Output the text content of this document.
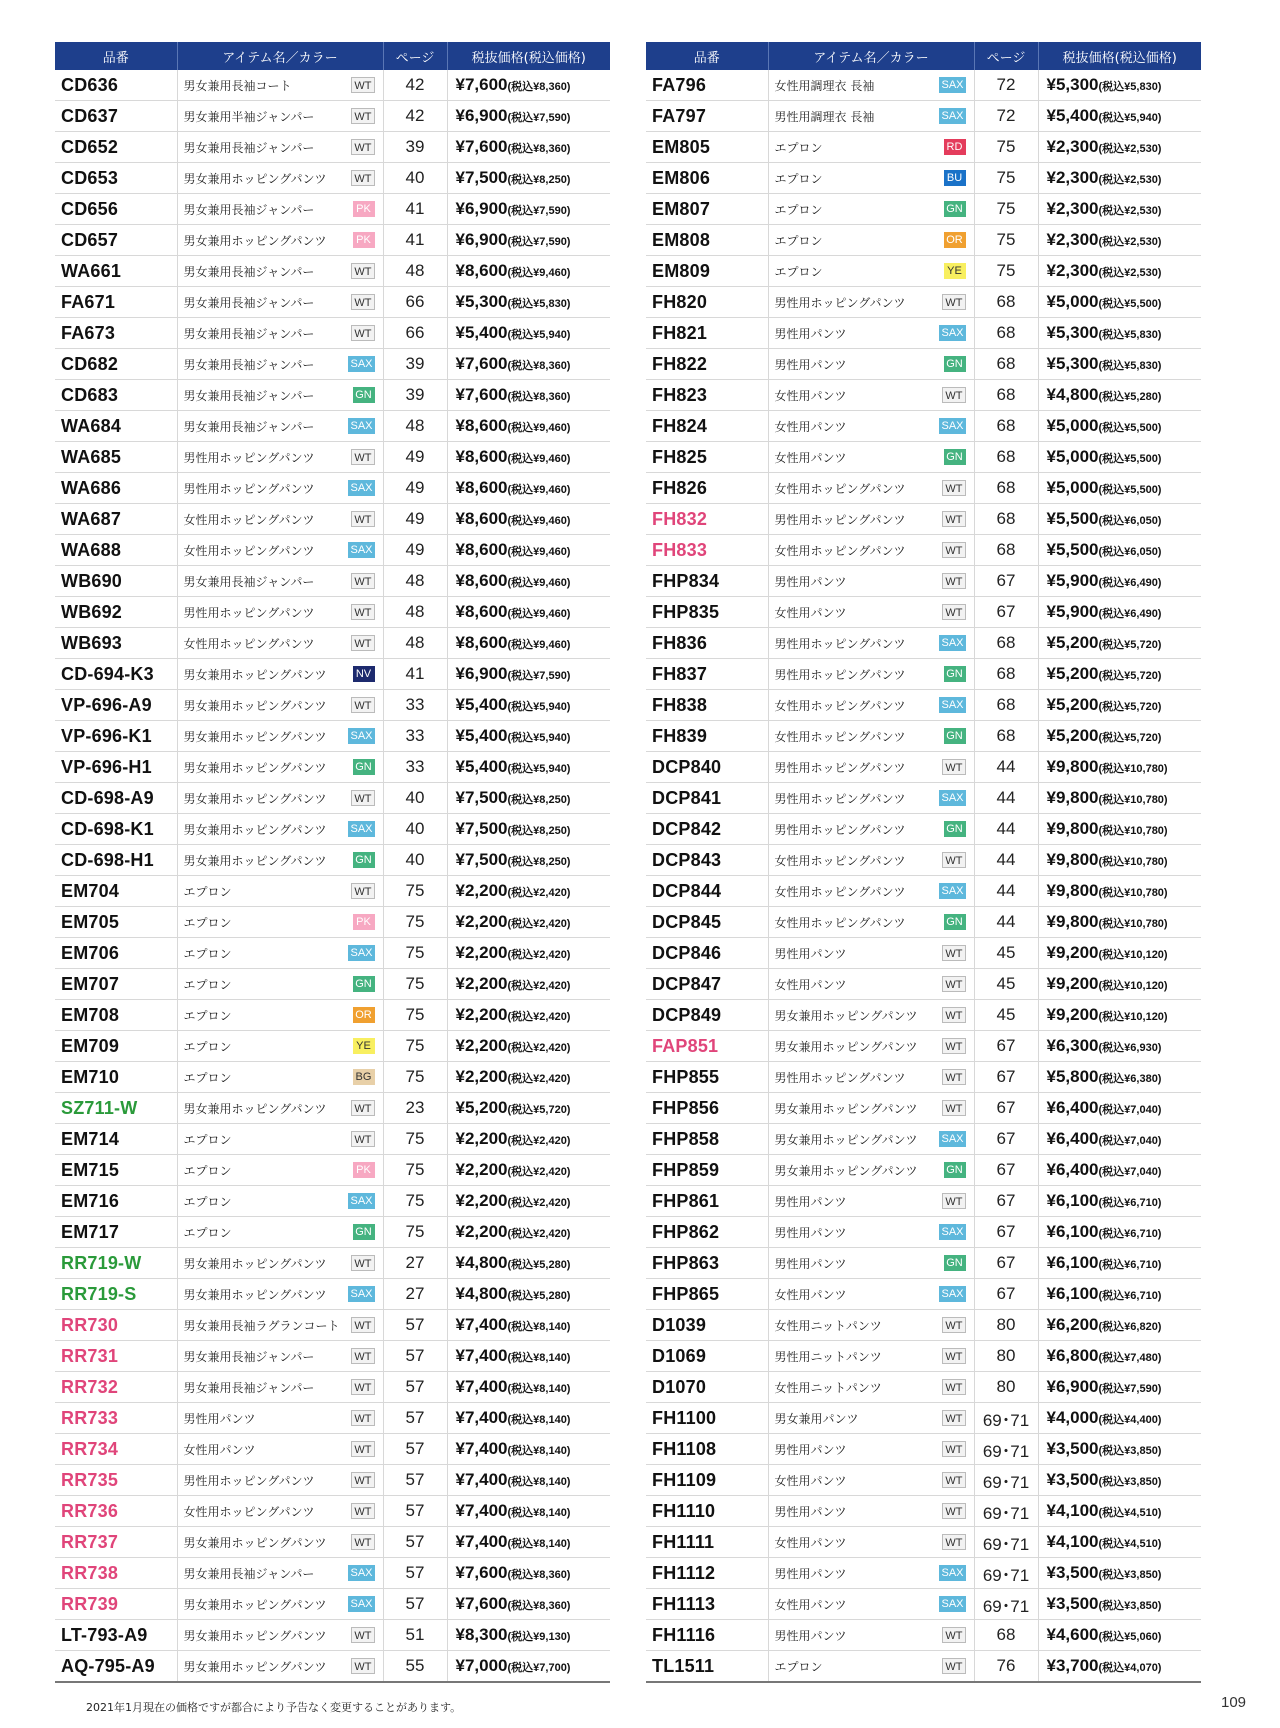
品番	アイテム名／カラー	ページ	税抜価格(税込価格)
CD636	男女兼用長袖コート WT	42	¥7,600(税込¥8,360)
CD637	男女兼用半袖ジャンパー WT	42	¥6,900(税込¥7,590)
CD652	男女兼用長袖ジャンパー WT	39	¥7,600(税込¥8,360)
CD653	男女兼用ホッピングパンツ WT	40	¥7,500(税込¥8,250)
CD656	男女兼用長袖ジャンパー PK	41	¥6,900(税込¥7,590)
CD657	男女兼用ホッピングパンツ PK	41	¥6,900(税込¥7,590)
WA661	男女兼用長袖ジャンパー WT	48	¥8,600(税込¥9,460)
FA671	男女兼用長袖ジャンパー WT	66	¥5,300(税込¥5,830)
FA673	男女兼用長袖ジャンパー WT	66	¥5,400(税込¥5,940)
CD682	男女兼用長袖ジャンパー SAX	39	¥7,600(税込¥8,360)
CD683	男女兼用長袖ジャンパー GN	39	¥7,600(税込¥8,360)
WA684	男女兼用長袖ジャンパー SAX	48	¥8,600(税込¥9,460)
WA685	男性用ホッピングパンツ WT	49	¥8,600(税込¥9,460)
WA686	男性用ホッピングパンツ SAX	49	¥8,600(税込¥9,460)
WA687	女性用ホッピングパンツ WT	49	¥8,600(税込¥9,460)
WA688	女性用ホッピングパンツ SAX	49	¥8,600(税込¥9,460)
WB690	男女兼用長袖ジャンパー WT	48	¥8,600(税込¥9,460)
WB692	男性用ホッピングパンツ WT	48	¥8,600(税込¥9,460)
WB693	女性用ホッピングパンツ WT	48	¥8,600(税込¥9,460)
CD-694-K3	男女兼用ホッピングパンツ NV	41	¥6,900(税込¥7,590)
VP-696-A9	男女兼用ホッピングパンツ WT	33	¥5,400(税込¥5,940)
VP-696-K1	男女兼用ホッピングパンツ SAX	33	¥5,400(税込¥5,940)
VP-696-H1	男女兼用ホッピングパンツ GN	33	¥5,400(税込¥5,940)
CD-698-A9	男女兼用ホッピングパンツ WT	40	¥7,500(税込¥8,250)
CD-698-K1	男女兼用ホッピングパンツ SAX	40	¥7,500(税込¥8,250)
CD-698-H1	男女兼用ホッピングパンツ GN	40	¥7,500(税込¥8,250)
EM704	エプロン WT	75	¥2,200(税込¥2,420)
EM705	エプロン PK	75	¥2,200(税込¥2,420)
EM706	エプロン SAX	75	¥2,200(税込¥2,420)
EM707	エプロン GN	75	¥2,200(税込¥2,420)
EM708	エプロン OR	75	¥2,200(税込¥2,420)
EM709	エプロン YE	75	¥2,200(税込¥2,420)
EM710	エプロン BG	75	¥2,200(税込¥2,420)
SZ711-W	男女兼用ホッピングパンツ WT	23	¥5,200(税込¥5,720)
EM714	エプロン WT	75	¥2,200(税込¥2,420)
EM715	エプロン PK	75	¥2,200(税込¥2,420)
EM716	エプロン SAX	75	¥2,200(税込¥2,420)
EM717	エプロン GN	75	¥2,200(税込¥2,420)
RR719-W	男女兼用ホッピングパンツ WT	27	¥4,800(税込¥5,280)
RR719-S	男女兼用ホッピングパンツ SAX	27	¥4,800(税込¥5,280)
RR730	男女兼用長袖ラグランコート WT	57	¥7,400(税込¥8,140)
RR731	男女兼用長袖ジャンパー WT	57	¥7,400(税込¥8,140)
RR732	男女兼用長袖ジャンパー WT	57	¥7,400(税込¥8,140)
RR733	男性用パンツ WT	57	¥7,400(税込¥8,140)
RR734	女性用パンツ WT	57	¥7,400(税込¥8,140)
RR735	男性用ホッピングパンツ WT	57	¥7,400(税込¥8,140)
RR736	女性用ホッピングパンツ WT	57	¥7,400(税込¥8,140)
RR737	男女兼用ホッピングパンツ WT	57	¥7,400(税込¥8,140)
RR738	男女兼用長袖ジャンパー SAX	57	¥7,600(税込¥8,360)
RR739	男女兼用ホッピングパンツ SAX	57	¥7,600(税込¥8,360)
LT-793-A9	男女兼用ホッピングパンツ WT	51	¥8,300(税込¥9,130)
AQ-795-A9	男女兼用ホッピングパンツ WT	55	¥7,000(税込¥7,700)
品番	アイテム名／カラー	ページ	税抜価格(税込価格)
FA796	女性用調理衣 長袖 SAX	72	¥5,300(税込¥5,830)
FA797	男性用調理衣 長袖 SAX	72	¥5,400(税込¥5,940)
EM805	エプロン RD	75	¥2,300(税込¥2,530)
EM806	エプロン BU	75	¥2,300(税込¥2,530)
EM807	エプロン GN	75	¥2,300(税込¥2,530)
EM808	エプロン OR	75	¥2,300(税込¥2,530)
EM809	エプロン YE	75	¥2,300(税込¥2,530)
FH820	男性用ホッピングパンツ WT	68	¥5,000(税込¥5,500)
FH821	男性用パンツ SAX	68	¥5,300(税込¥5,830)
FH822	男性用パンツ GN	68	¥5,300(税込¥5,830)
FH823	女性用パンツ WT	68	¥4,800(税込¥5,280)
FH824	女性用パンツ SAX	68	¥5,000(税込¥5,500)
FH825	女性用パンツ GN	68	¥5,000(税込¥5,500)
FH826	女性用ホッピングパンツ WT	68	¥5,000(税込¥5,500)
FH832	男性用ホッピングパンツ WT	68	¥5,500(税込¥6,050)
FH833	女性用ホッピングパンツ WT	68	¥5,500(税込¥6,050)
FHP834	男性用パンツ WT	67	¥5,900(税込¥6,490)
FHP835	女性用パンツ WT	67	¥5,900(税込¥6,490)
FH836	男性用ホッピングパンツ SAX	68	¥5,200(税込¥5,720)
FH837	男性用ホッピングパンツ GN	68	¥5,200(税込¥5,720)
FH838	女性用ホッピングパンツ SAX	68	¥5,200(税込¥5,720)
FH839	女性用ホッピングパンツ GN	68	¥5,200(税込¥5,720)
DCP840	男性用ホッピングパンツ WT	44	¥9,800(税込¥10,780)
DCP841	男性用ホッピングパンツ SAX	44	¥9,800(税込¥10,780)
DCP842	男性用ホッピングパンツ GN	44	¥9,800(税込¥10,780)
DCP843	女性用ホッピングパンツ WT	44	¥9,800(税込¥10,780)
DCP844	女性用ホッピングパンツ SAX	44	¥9,800(税込¥10,780)
DCP845	女性用ホッピングパンツ GN	44	¥9,800(税込¥10,780)
DCP846	男性用パンツ WT	45	¥9,200(税込¥10,120)
DCP847	女性用パンツ WT	45	¥9,200(税込¥10,120)
DCP849	男女兼用ホッピングパンツ WT	45	¥9,200(税込¥10,120)
FAP851	男女兼用ホッピングパンツ WT	67	¥6,300(税込¥6,930)
FHP855	男性用ホッピングパンツ WT	67	¥5,800(税込¥6,380)
FHP856	男女兼用ホッピングパンツ WT	67	¥6,400(税込¥7,040)
FHP858	男女兼用ホッピングパンツ SAX	67	¥6,400(税込¥7,040)
FHP859	男女兼用ホッピングパンツ GN	67	¥6,400(税込¥7,040)
FHP861	男性用パンツ WT	67	¥6,100(税込¥6,710)
FHP862	男性用パンツ SAX	67	¥6,100(税込¥6,710)
FHP863	男性用パンツ GN	67	¥6,100(税込¥6,710)
FHP865	女性用パンツ SAX	67	¥6,100(税込¥6,710)
D1039	女性用ニットパンツ WT	80	¥6,200(税込¥6,820)
D1069	男性用ニットパンツ WT	80	¥6,800(税込¥7,480)
D1070	女性用ニットパンツ WT	80	¥6,900(税込¥7,590)
FH1100	男女兼用パンツ WT	69･71	¥4,000(税込¥4,400)
FH1108	男性用パンツ WT	69･71	¥3,500(税込¥3,850)
FH1109	女性用パンツ WT	69･71	¥3,500(税込¥3,850)
FH1110	男性用パンツ WT	69･71	¥4,100(税込¥4,510)
FH1111	女性用パンツ WT	69･71	¥4,100(税込¥4,510)
FH1112	男性用パンツ SAX	69･71	¥3,500(税込¥3,850)
FH1113	女性用パンツ SAX	69･71	¥3,500(税込¥3,850)
FH1116	男性用パンツ WT	68	¥4,600(税込¥5,060)
TL1511	エプロン WT	76	¥3,700(税込¥4,070)
2021年1月現在の価格ですが都合により予告なく変更することがあります。	109
